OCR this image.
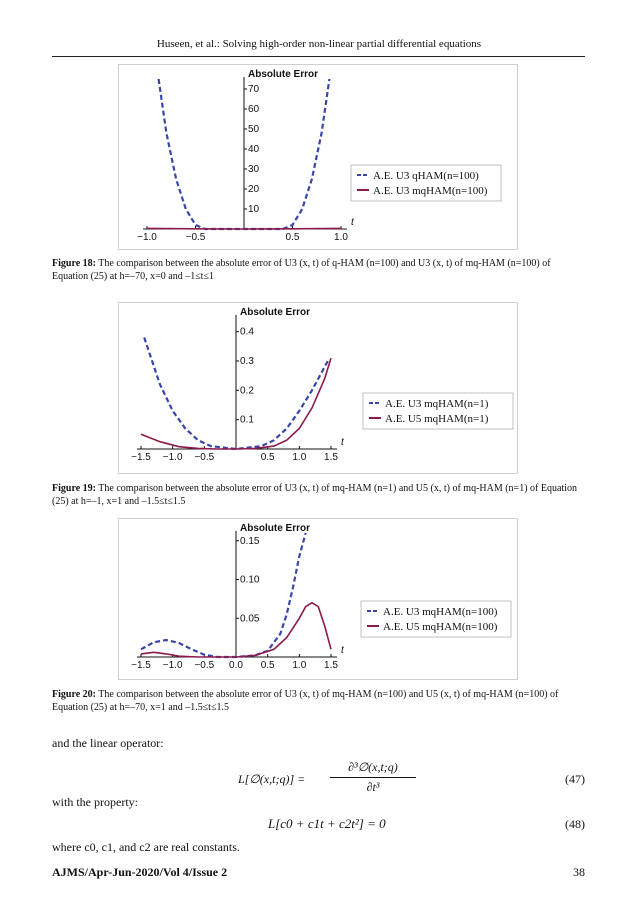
Huseen, et al.: Solving high-order non-linear partial differential equations
Absolute Error
−1.0	−0.5	0.5	1.0
t
10
20
30
40
50
60
70
A.E. U3 qHAM(n=100)
A.E. U3 mqHAM(n=100)
Figure 18: The comparison between the absolute error of U3 (x, t) of q-HAM (n=100) and U3 (x, t) of mq-HAM (n=100) of Equation (25) at h=–70, x=0 and –1≤t≤1
Absolute Error
−1.5 −1.0 −0.5	0.5 1.0 1.5
t
0.1
0.2
0.3
0.4
A.E. U3 mqHAM(n=1)
A.E. U5 mqHAM(n=1)
Figure 19: The comparison between the absolute error of U3 (x, t) of mq-HAM (n=1) and U5 (x, t) of mq-HAM (n=1) of Equation (25) at h=–1, x=1 and –1.5≤t≤1.5
Absolute Error
−1.5 −1.0 −0.5 0.0 0.5 1.0 1.5
t
0.05
0.10
0.15
A.E. U3 mqHAM(n=100)
A.E. U5 mqHAM(n=100)
Figure 20: The comparison between the absolute error of U3 (x, t) of mq-HAM (n=100) and U5 (x, t) of mq-HAM (n=100) of Equation (25) at h=–70, x=1 and –1.5≤t≤1.5
and the linear operator:
L[∅(x,t;q)] =
∂³∅(x,t;q)
∂t³
(47)
with the property:
L[c0 + c1t + c2t²] = 0	(48)
where c0, c1, and c2 are real constants.
AJMS/Apr-Jun-2020/Vol 4/Issue 2	38
